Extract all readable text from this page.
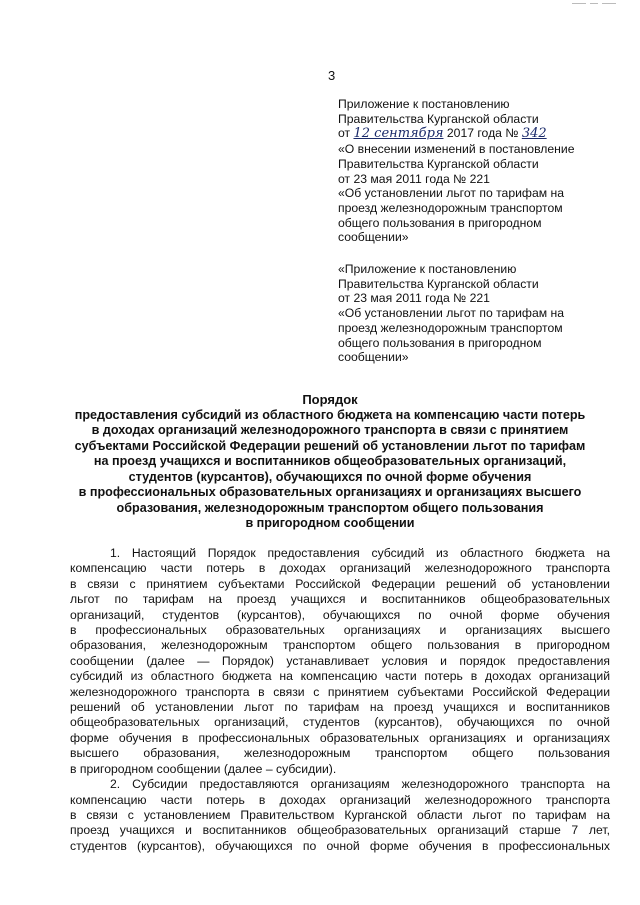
3
Приложение к постановлению
Правительства Курганской области
от 12 сентября 2017 года № 342
«О внесении изменений в постановление
Правительства Курганской области
от 23 мая 2011 года № 221
«Об установлении льгот по тарифам на
проезд железнодорожным транспортом
общего пользования в пригородном
сообщении»
«Приложение к постановлению
Правительства Курганской области
от 23 мая 2011 года № 221
«Об установлении льгот по тарифам на
проезд железнодорожным транспортом
общего пользования в пригородном
сообщении»
Порядок
предоставления субсидий из областного бюджета на компенсацию части потерь
в доходах организаций железнодорожного транспорта в связи с принятием
субъектами Российской Федерации решений об установлении льгот по тарифам
на проезд учащихся и воспитанников общеобразовательных организаций,
студентов (курсантов), обучающихся по очной форме обучения
в профессиональных образовательных организациях и организациях высшего
образования, железнодорожным транспортом общего пользования
в пригородном сообщении
1. Настоящий Порядок предоставления субсидий из областного бюджета на
компенсацию части потерь в доходах организаций железнодорожного транспорта
в связи с принятием субъектами Российской Федерации решений об установлении
льгот по тарифам на проезд учащихся и воспитанников общеобразовательных
организаций, студентов (курсантов), обучающихся по очной форме обучения
в профессиональных образовательных организациях и организациях высшего
образования, железнодорожным транспортом общего пользования в пригородном
сообщении (далее — Порядок) устанавливает условия и порядок предоставления
субсидий из областного бюджета на компенсацию части потерь в доходах организаций
железнодорожного транспорта в связи с принятием субъектами Российской Федерации
решений об установлении льгот по тарифам на проезд учащихся и воспитанников
общеобразовательных организаций, студентов (курсантов), обучающихся по очной
форме обучения в профессиональных образовательных организациях и организациях
высшего образования, железнодорожным транспортом общего пользования
в пригородном сообщении (далее – субсидии).
2. Субсидии предоставляются организациям железнодорожного транспорта на
компенсацию части потерь в доходах организаций железнодорожного транспорта
в связи с установлением Правительством Курганской области льгот по тарифам на
проезд учащихся и воспитанников общеобразовательных организаций старше 7 лет,
студентов (курсантов), обучающихся по очной форме обучения в профессиональных
